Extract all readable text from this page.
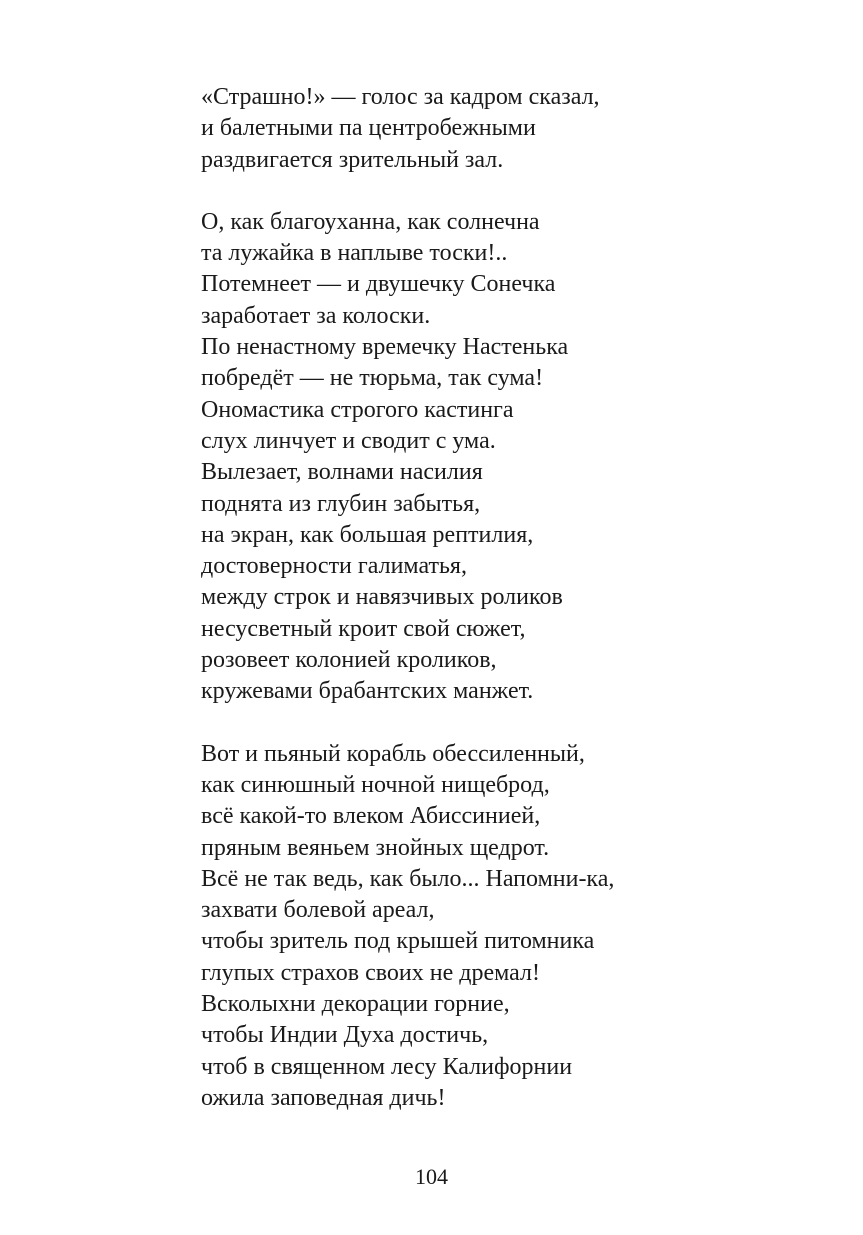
«Страшно!» — голос за кадром сказал,
и балетными па центробежными
раздвигается зрительный зал.
О, как благоуханна, как солнечна
та лужайка в наплыве тоски!..
Потемнеет — и двушечку Сонечка
заработает за колоски.
По ненастному времечку Настенька
побредёт — не тюрьма, так сума!
Ономастика строгого кастинга
слух линчует и сводит с ума.
Вылезает, волнами насилия
поднята из глубин забытья,
на экран, как большая рептилия,
достоверности галиматья,
между строк и навязчивых роликов
несусветный кроит свой сюжет,
розовеет колонией кроликов,
кружевами брабантских манжет.
Вот и пьяный корабль обессиленный,
как синюшный ночной нищеброд,
всё какой-то влеком Абиссинией,
пряным веяньем знойных щедрот.
Всё не так ведь, как было... Напомни-ка,
захвати болевой ареал,
чтобы зритель под крышей питомника
глупых страхов своих не дремал!
Всколыхни декорации горние,
чтобы Индии Духа достичь,
чтоб в священном лесу Калифорнии
ожила заповедная дичь!
104
